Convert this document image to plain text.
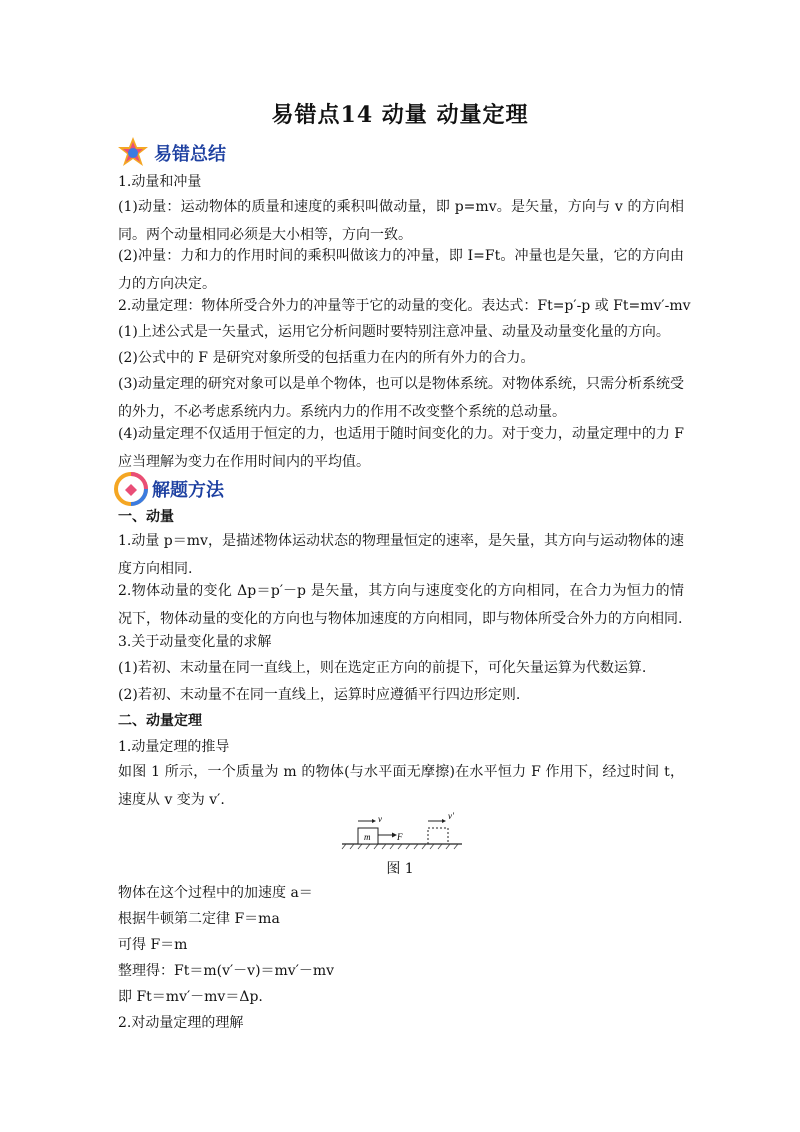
易错点14 动量 动量定理
易错总结

1.动量和冲量

(1)动量：运动物体的质量和速度的乘积叫做动量，即 p=mv。是矢量，方向与 v 的方向相同。两个动量相同必须是大小相等，方向一致。

(2)冲量：力和力的作用时间的乘积叫做该力的冲量，即 I=Ft。冲量也是矢量，它的方向由力的方向决定。

2.动量定理：物体所受合外力的冲量等于它的动量的变化。表达式：Ft=p′-p 或 Ft=mv′-mv

(1)上述公式是一矢量式，运用它分析问题时要特别注意冲量、动量及动量变化量的方向。

(2)公式中的 F 是研究对象所受的包括重力在内的所有外力的合力。

(3)动量定理的研究对象可以是单个物体，也可以是物体系统。对物体系统，只需分析系统受的外力，不必考虑系统内力。系统内力的作用不改变整个系统的总动量。

(4)动量定理不仅适用于恒定的力，也适用于随时间变化的力。对于变力，动量定理中的力 F 应当理解为变力在作用时间内的平均值。

解题方法

一、动量

1.动量 p＝mv，是描述物体运动状态的物理量恒定的速率，是矢量，其方向与运动物体的速度方向相同.

2.物体动量的变化 Δp＝p′－p 是矢量，其方向与速度变化的方向相同，在合力为恒力的情况下，物体动量的变化的方向也与物体加速度的方向相同，即与物体所受合外力的方向相同.

3.关于动量变化量的求解

(1)若初、末动量在同一直线上，则在选定正方向的前提下，可化矢量运算为代数运算.

(2)若初、末动量不在同一直线上，运算时应遵循平行四边形定则.

二、动量定理

1.动量定理的推导

如图 1 所示，一个质量为 m 的物体(与水平面无摩擦)在水平恒力 F 作用下，经过时间 t，速度从 v 变为 v′.

m	F
v	v′
图 1

物体在这个过程中的加速度 a＝

根据牛顿第二定律 F＝ma

可得 F＝m

整理得：Ft＝m(v′－v)＝mv′－mv

即 Ft＝mv′－mv＝Δp.

2.对动量定理的理解
